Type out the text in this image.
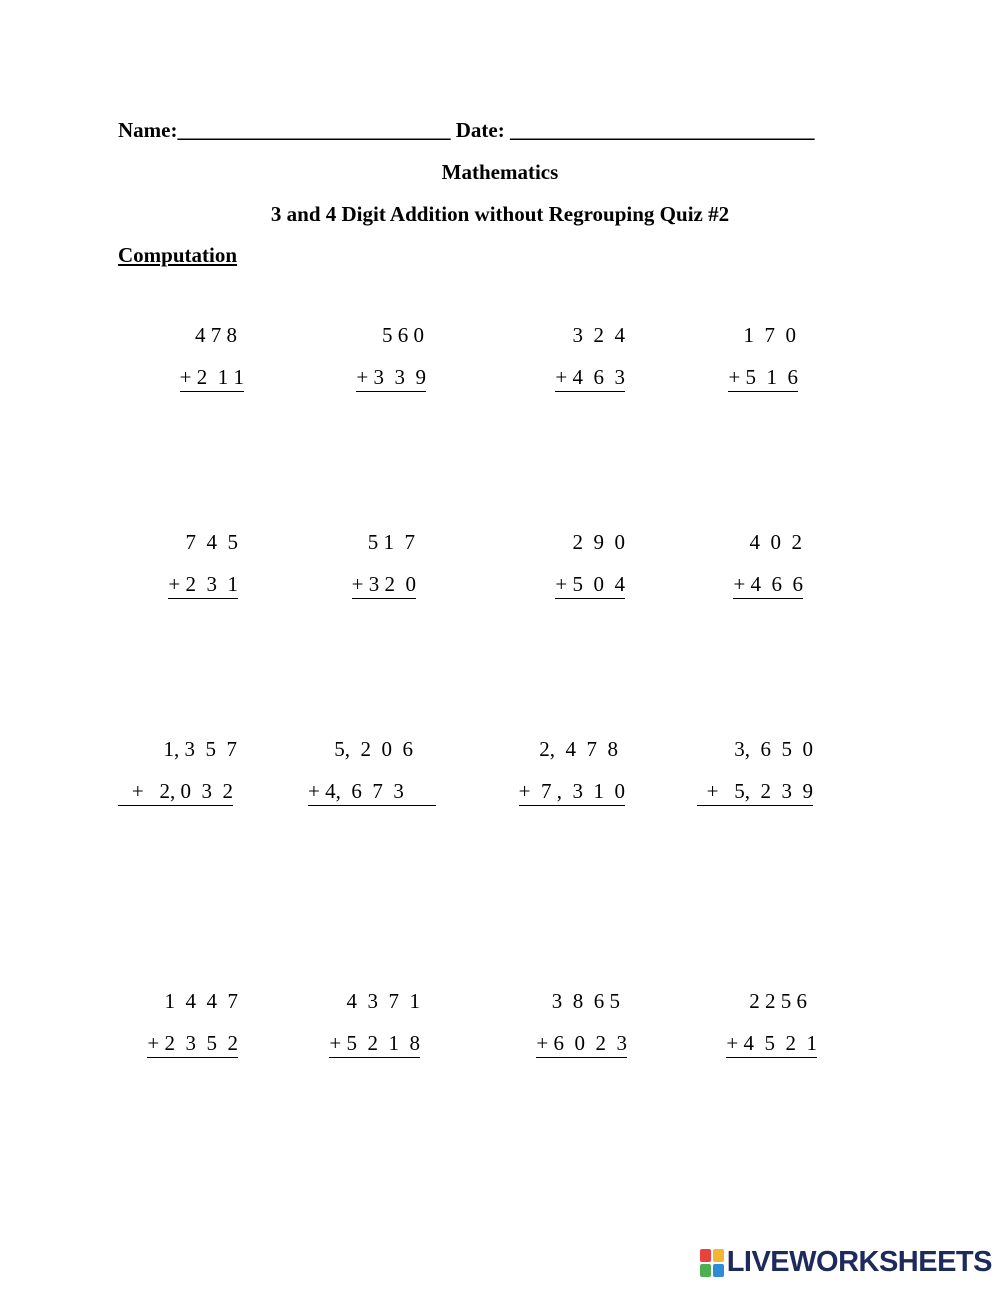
Name:__________________________ Date: _____________________________
Mathematics
3 and 4 Digit Addition without Regrouping Quiz #2
Computation
4 7 8
+ 2  1 1
5 6 0
+ 3  3  9
3  2  4
+ 4  6  3
1  7  0
+ 5  1  6
7  4  5
+ 2  3  1
5 1  7
+ 3 2  0
2  9  0
+ 5  0  4
4  0  2
+ 4  6  6
1, 3  5  7
+   2, 0  3  2
5,  2  0  6
+ 4,  6  7  3
2,  4  7  8
+  7 ,  3  1  0
3,  6  5  0
+   5,  2  3  9
1  4  4  7
+ 2  3  5  2
4  3  7  1
+ 5  2  1  8
3  8  6 5
+ 6  0  2  3
2 2 5 6
+ 4  5  2  1
LIVEWORKSHEETS
